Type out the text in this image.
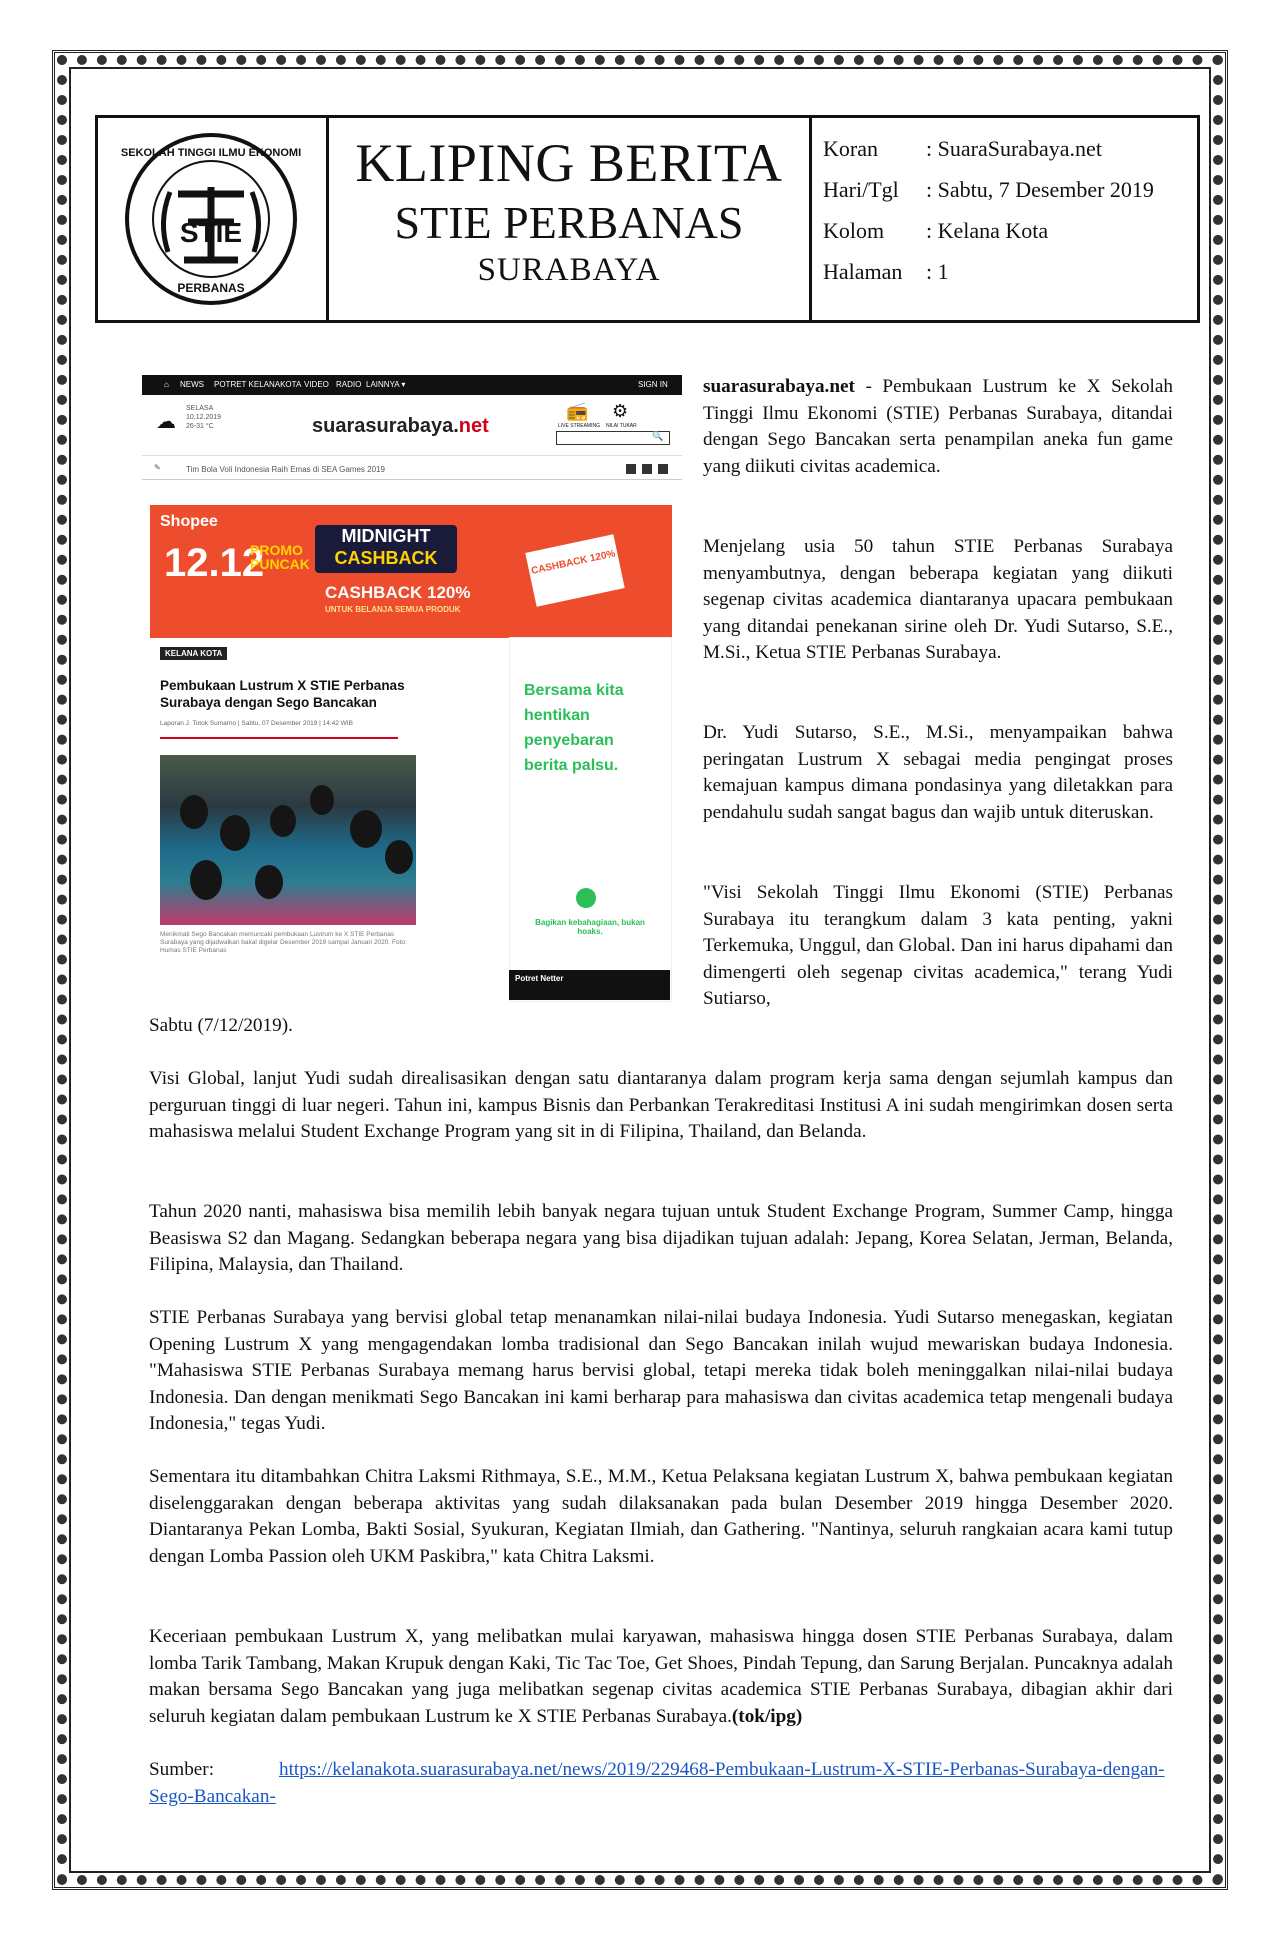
STIE
SEKOLAH TINGGI ILMU EKONOMI
PERBANAS
KLIPING BERITA
STIE PERBANAS
SURABAYA
Koran : SuaraSurabaya.net
Hari/Tgl : Sabtu, 7 Desember 2019
Kolom : Kelana Kota
Halaman : 1
⌂ NEWS POTRET KELANAKOTA VIDEO RADIO LAINNYA ▾	SIGN IN
☁
SELASA
10.12.2019
26-31 °C	suarasurabaya.net
📻
LIVE STREAMING
⚙
NILAI TUKAR
🔍
✎	Tim Bola Voli Indonesia Raih Emas di SEA Games 2019
Shopee
12.12
PROMO PUNCAK
MIDNIGHT
CASHBACK
CASHBACK 120%
UNTUK BELANJA SEMUA PRODUK
CASHBACK 120%
KELANA KOTA
Pembukaan Lustrum X STIE Perbanas Surabaya dengan Sego Bancakan
Laporan J. Totok Sumarno | Sabtu, 07 Desember 2019 | 14:42 WIB
Menikmati Sego Bancakan memuncaki pembukaan Lustrum ke X STIE Perbanas Surabaya yang dijadwalkan bakal digelar Desember 2019 sampai Januari 2020. Foto: Humas STIE Perbanas
Bersama kita hentikan penyebaran berita palsu.
Bagikan kebahagiaan, bukan hoaks.
Potret Netter
suarasurabaya.net - Pembukaan Lustrum ke X Sekolah Tinggi Ilmu Ekonomi (STIE) Perbanas Surabaya, ditandai dengan Sego Bancakan serta penampilan aneka fun game yang diikuti civitas academica.
Menjelang usia 50 tahun STIE Perbanas Surabaya menyambutnya, dengan beberapa kegiatan yang diikuti segenap civitas academica diantaranya upacara pembukaan yang ditandai penekanan sirine oleh Dr. Yudi Sutarso, S.E., M.Si., Ketua STIE Perbanas Surabaya.
Dr. Yudi Sutarso, S.E., M.Si., menyampaikan bahwa peringatan Lustrum X sebagai media pengingat proses kemajuan kampus dimana pondasinya yang diletakkan para pendahulu sudah sangat bagus dan wajib untuk diteruskan.
"Visi Sekolah Tinggi Ilmu Ekonomi (STIE) Perbanas Surabaya itu terangkum dalam 3 kata penting, yakni Terkemuka, Unggul, dan Global. Dan ini harus dipahami dan dimengerti oleh segenap civitas academica," terang Yudi Sutiarso,
Sabtu (7/12/2019).
Visi Global, lanjut Yudi sudah direalisasikan dengan satu diantaranya dalam program kerja sama dengan sejumlah kampus dan perguruan tinggi di luar negeri. Tahun ini, kampus Bisnis dan Perbankan Terakreditasi Institusi A ini sudah mengirimkan dosen serta mahasiswa melalui Student Exchange Program yang sit in di Filipina, Thailand, dan Belanda.
Tahun 2020 nanti, mahasiswa bisa memilih lebih banyak negara tujuan untuk Student Exchange Program, Summer Camp, hingga Beasiswa S2 dan Magang. Sedangkan beberapa negara yang bisa dijadikan tujuan adalah: Jepang, Korea Selatan, Jerman, Belanda, Filipina, Malaysia, dan Thailand.
STIE Perbanas Surabaya yang bervisi global tetap menanamkan nilai-nilai budaya Indonesia. Yudi Sutarso menegaskan, kegiatan Opening Lustrum X yang mengagendakan lomba tradisional dan Sego Bancakan inilah wujud mewariskan budaya Indonesia. "Mahasiswa STIE Perbanas Surabaya memang harus bervisi global, tetapi mereka tidak boleh meninggalkan nilai-nilai budaya Indonesia. Dan dengan menikmati Sego Bancakan ini kami berharap para mahasiswa dan civitas academica tetap mengenali budaya Indonesia," tegas Yudi.
Sementara itu ditambahkan Chitra Laksmi Rithmaya, S.E., M.M., Ketua Pelaksana kegiatan Lustrum X, bahwa pembukaan kegiatan diselenggarakan dengan beberapa aktivitas yang sudah dilaksanakan pada bulan Desember 2019 hingga Desember 2020. Diantaranya Pekan Lomba, Bakti Sosial, Syukuran, Kegiatan Ilmiah, dan Gathering. "Nantinya, seluruh rangkaian acara kami tutup dengan Lomba Passion oleh UKM Paskibra," kata Chitra Laksmi.
Keceriaan pembukaan Lustrum X, yang melibatkan mulai karyawan, mahasiswa hingga dosen STIE Perbanas Surabaya, dalam lomba Tarik Tambang, Makan Krupuk dengan Kaki, Tic Tac Toe, Get Shoes, Pindah Tepung, dan Sarung Berjalan. Puncaknya adalah makan bersama Sego Bancakan yang juga melibatkan segenap civitas academica STIE Perbanas Surabaya, dibagian akhir dari seluruh kegiatan dalam pembukaan Lustrum ke X STIE Perbanas Surabaya.(tok/ipg)
Sumber:	https://kelanakota.suarasurabaya.net/news/2019/229468-Pembukaan-Lustrum-X-STIE-Perbanas-Surabaya-dengan-Sego-Bancakan-
